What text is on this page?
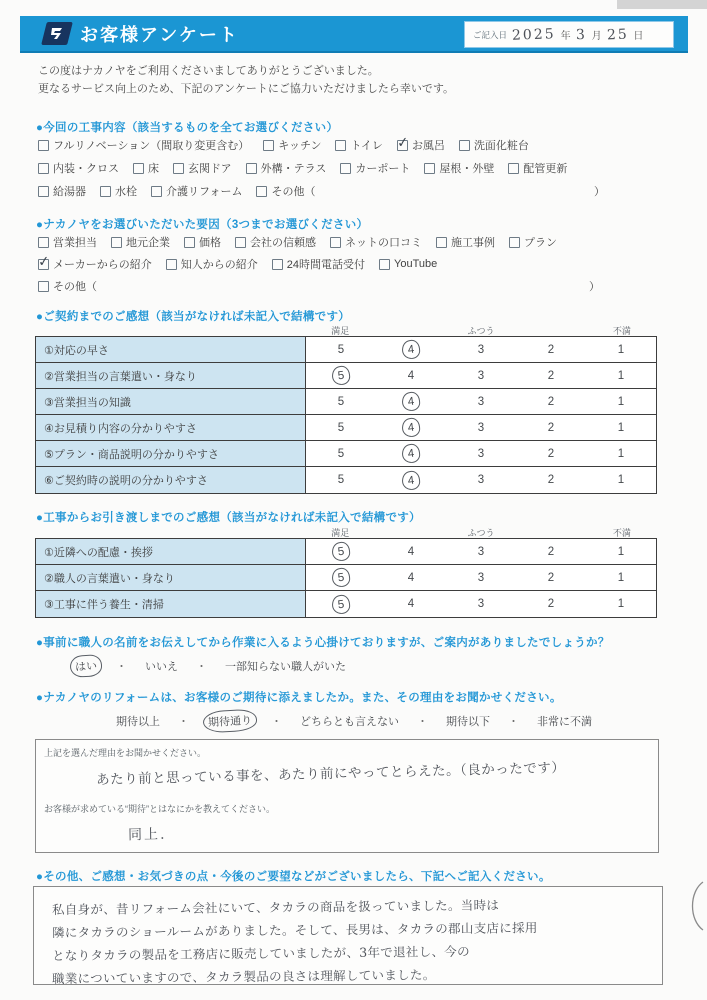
お客様アンケート	ご記入日 2025 年 3 月 25 日
この度はナカノヤをご利用くださいましてありがとうございました。
更なるサービス向上のため、下記のアンケートにご協力いただけましたら幸いです。
●今回の工事内容（該当するものを全てお選びください）
フルリノベーション（間取り変更含む）	キッチン	トイレ ✓ お風呂	洗面化粧台
内装・クロス	床	玄関ドア	外構・テラス	カーポート	屋根・外壁	配管更新
給湯器	水栓	介護リフォーム	その他（	）
●ナカノヤをお選びいただいた要因（3つまでお選びください）
営業担当	地元企業	価格	会社の信頼感	ネットの口コミ	施工事例	プラン
✓ メーカーからの紹介	知人からの紹介	24時間電話受付	YouTube
その他（	）
●ご契約までのご感想（該当がなければ未記入で結構です）
満足	ふつう	不満
①対応の早さ	5	4	3	2	1
②営業担当の言葉遣い・身なり	5	4	3	2	1
③営業担当の知識	5	4	3	2	1
④お見積り内容の分かりやすさ	5	4	3	2	1
⑤プラン・商品説明の分かりやすさ	5	4	3	2	1
⑥ご契約時の説明の分かりやすさ	5	4	3	2	1
●工事からお引き渡しまでのご感想（該当がなければ未記入で結構です）
満足	ふつう	不満
①近隣への配慮・挨拶	5	4	3	2	1
②職人の言葉遣い・身なり	5	4	3	2	1
③工事に伴う養生・清掃	5	4	3	2	1
●事前に職人の名前をお伝えしてから作業に入るよう心掛けておりますが、ご案内がありましたでしょうか？
はい	・	いいえ	・	一部知らない職人がいた
●ナカノヤのリフォームは、お客様のご期待に添えましたか。また、その理由をお聞かせください。
期待以上	・	期待通り	・	どちらとも言えない	・	期待以下	・	非常に不満
上記を選んだ理由をお聞かせください。
あたり前と思っている事を、あたり前にやってとらえた。（良かったです）
お客様が求めている“期待”とはなにかを教えてください。
同上.
●その他、ご感想・お気づきの点・今後のご要望などがございましたら、下記へご記入ください。
私自身が、昔リフォーム会社にいて、タカラの商品を扱っていました。当時は
隣にタカラのショールームがありました。そして、長男は、タカラの郡山支店に採用
となりタカラの製品を工務店に販売していましたが、3年で退社し、今の
職業についていますので、タカラ製品の良さは理解していました。
